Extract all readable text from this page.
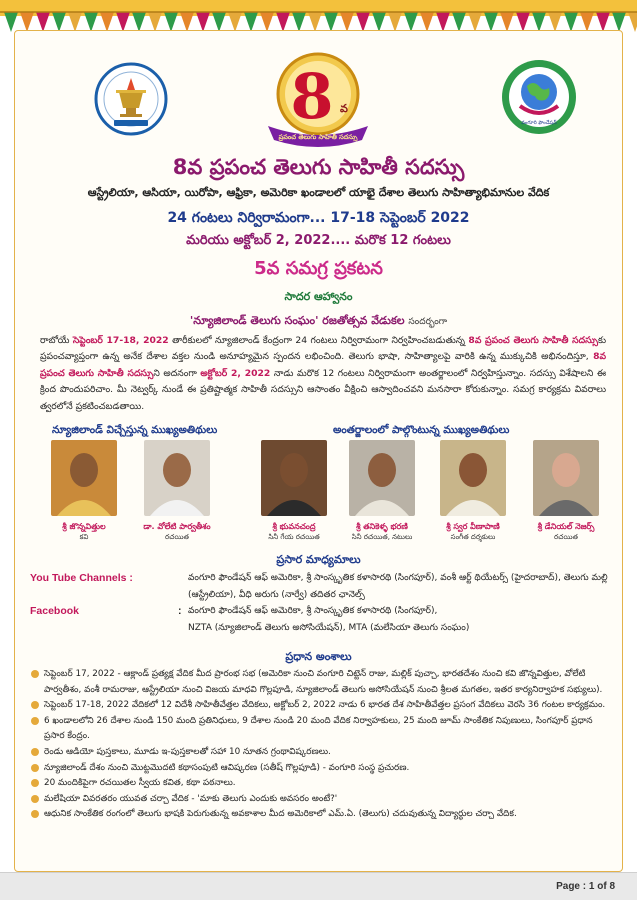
8 వ
ప్రపంచ తెలుగు సాహితీ సదస్సు
వంగూరి ఫౌండేషన్
8వ ప్రపంచ తెలుగు సాహితీ సదస్సు
ఆస్ట్రేలియా, ఆసియా, యిరోపా, ఆఫ్రికా, అమెరికా ఖండాలలో యాభై దేశాల తెలుగు సాహిత్యాభిమానుల వేదిక
24 గంటలు నిర్విరామంగా... 17-18 సెప్టెంబర్ 2022
మరియు అక్టోబర్ 2, 2022.... మరొక 12 గంటలు
5వ సమగ్ర ప్రకటన
సాదర ఆహ్వానం
'న్యూజిలాండ్ తెలుగు సంఘం' రజతోత్సవ వేడుకల సందర్భంగా

రాబోయే సెప్టెంబర్ 17-18, 2022 తారీకులలో న్యూజిలాండ్ కేంద్రంగా 24 గంటలు నిర్విరామంగా నిర్వహించబడుతున్న 8వ ప్రపంచ తెలుగు సాహితీ సదస్సుకు ప్రపంచవ్యాప్తంగా ఉన్న అనేక దేశాల వక్తల నుండి అనూహ్యమైన స్పందన లభించింది. తెలుగు భాషా, సాహిత్యాలపై వారికి ఉన్న ముక్కుచికి అభినందిస్తూ, 8వ ప్రపంచ తెలుగు సాహితీ సదస్సుని అదనంగా అక్టోబర్ 2, 2022 నాడు మరొక 12 గంటలు నిర్విరామంగా అంతర్జాలంలో నిర్వహిస్తున్నాం. సదస్సు విశేషాలని ఈ క్రింద పొందుపరిచాం. మీ నెట్వర్క్ నుండే ఈ ప్రతిష్టాత్మక సాహితీ సదస్సుని ఆసాంతం వీక్షించి ఆస్వాదించవని మనసారా కోరుకున్నాం. సమగ్ర కార్యక్రమ వివరాలు త్వరలోనే ప్రకటించబడతాయి.

న్యూజిలాండ్ విచ్చేస్తున్న ముఖ్యఅతిథులు	అంతర్జాలంలో పాల్గొంటున్న ముఖ్యఅతిథులు
శ్రీ జొన్నవిత్తుల
కవి
డా. వోలేటి పార్వతీశం
రచయిత
శ్రీ భువనచంద్ర
సినీ గేయ రచయిత
శ్రీ తనికెళ్ళ భరణి
సినీ రచయిత, నటులు
శ్రీ స్వర వీణాపాణి
సంగీత దర్శకులు
శ్రీ డేనియల్ నెజర్స్
రచయిత
ప్రసార మాధ్యమాలు
You Tube Channels :	వంగూరి ఫౌండేషన్ ఆఫ్ అమెరికా, శ్రీ సాంస్కృతిక కళాసారథి (సింగపూర్), వంశీ ఆర్ట్ థియేటర్స్ (హైదరాబాద్), తెలుగు మల్లి (ఆస్ట్రేలియా), వీధి అరుగు (నార్వే) తదితర ఛానెల్స్
Facebook	: వంగూరి ఫౌండేషన్ ఆఫ్ అమెరికా, శ్రీ సాంస్కృతిక కళాసారథి (సింగపూర్),
NZTA (న్యూజిలాండ్ తెలుగు అసోసియేషన్), MTA (మలేసియా తెలుగు సంఘం)
ప్రధాన అంశాలు
సెప్టెంబర్ 17, 2022 - ఆక్లాండ్ ప్రత్యక్ష వేదిక మీద ప్రారంభ సభ (అమెరికా నుంచి వంగూరి చిట్టెన్ రాజు, మల్లిక్ పుచ్చా, భారతదేశం నుంచి కవి జొన్నవిత్తుల, వోలేటి పార్వతీశం, వంశీ రామరాజు, ఆస్ట్రేలియా నుంచి విజయ మాధవి గొల్లపూడి, న్యూజిలాండ్ తెలుగు అసోసియేషన్ నుంచి శ్రీలత మగతల, ఇతర కార్యనిర్వాహక సభ్యులు).
సెప్టెంబర్ 17-18, 2022 వేదికలో 12 విదేశీ సాహితీవేత్తల వేదికలు, అక్టోబర్ 2, 2022 నాడు 6 భారత దేశ సాహితీవేత్తల ప్రసంగ వేదికలు వెరసి 36 గంటల కార్యక్రమం.
6 ఖండాలలోని 26 దేశాల నుండి 150 మంది ప్రతినిధులు, 9 దేశాల నుండి 20 మంది వేదిక నిర్వాహకులు, 25 మంది జూమ్ సాంకేతిక నిపుణులు, సింగపూర్ ప్రధాన ప్రసార కేంద్రం.
రెండు ఆడియో పుస్తకాలు, మూడు ఇ-పుస్తకాలతో సహా 10 నూతన గ్రంథావిష్కరణలు.
న్యూజిలాండ్ దేశం నుంచి మొట్టమొదటి కథాసంపుటి ఆవిష్కరణ (సతీష్ గొల్లపూడి) - వంగూరి సంస్థ ప్రచురణ.
20 మందికిపైగా రచయితల స్వీయ కవిత, కథా పఠనాలు.
మలేషియా వివరతరం యువత చర్చా వేదిక - 'మాకు తెలుగు ఎందుకు అవసరం అంటే?'
ఆధునిక సాంకేతిక రంగంలో తెలుగు భాషకి పెరుగుతున్న అవకాశాల మీద అమెరికాలో ఎమ్.ఏ. (తెలుగు) చదువుతున్న విద్యార్ధుల చర్చా వేదిక.
Page : 1 of 8
